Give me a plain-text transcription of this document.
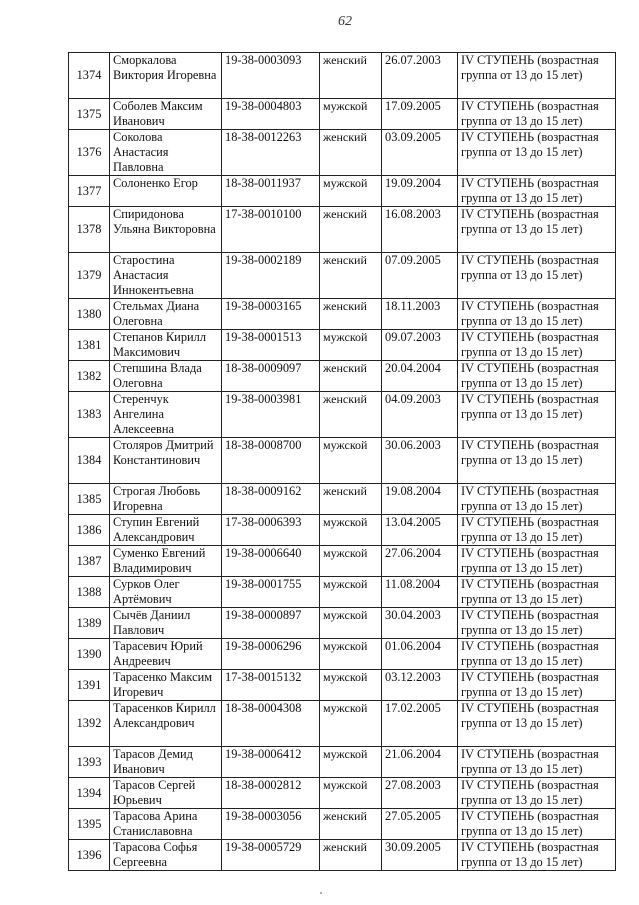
62
1374	Сморкалова Виктория Игоревна	19-38-0003093	женский	26.07.2003	IV СТУПЕНЬ (возрастная группа от 13 до 15 лет)
1375	Соболев Максим Иванович	19-38-0004803	мужской	17.09.2005	IV СТУПЕНЬ (возрастная группа от 13 до 15 лет)
1376	Соколова Анастасия Павловна	18-38-0012263	женский	03.09.2005	IV СТУПЕНЬ (возрастная группа от 13 до 15 лет)
1377	Солоненко Егор	18-38-0011937	мужской	19.09.2004	IV СТУПЕНЬ (возрастная группа от 13 до 15 лет)
1378	Спиридонова Ульяна Викторовна	17-38-0010100	женский	16.08.2003	IV СТУПЕНЬ (возрастная группа от 13 до 15 лет)
1379	Старостина Анастасия Иннокентьевна	19-38-0002189	женский	07.09.2005	IV СТУПЕНЬ (возрастная группа от 13 до 15 лет)
1380	Стельмах Диана Олеговна	19-38-0003165	женский	18.11.2003	IV СТУПЕНЬ (возрастная группа от 13 до 15 лет)
1381	Степанов Кирилл Максимович	19-38-0001513	мужской	09.07.2003	IV СТУПЕНЬ (возрастная группа от 13 до 15 лет)
1382	Степшина Влада Олеговна	18-38-0009097	женский	20.04.2004	IV СТУПЕНЬ (возрастная группа от 13 до 15 лет)
1383	Стеренчук Ангелина Алексеевна	19-38-0003981	женский	04.09.2003	IV СТУПЕНЬ (возрастная группа от 13 до 15 лет)
1384	Столяров Дмитрий Константинович	18-38-0008700	мужской	30.06.2003	IV СТУПЕНЬ (возрастная группа от 13 до 15 лет)
1385	Строгая Любовь Игоревна	18-38-0009162	женский	19.08.2004	IV СТУПЕНЬ (возрастная группа от 13 до 15 лет)
1386	Ступин Евгений Александрович	17-38-0006393	мужской	13.04.2005	IV СТУПЕНЬ (возрастная группа от 13 до 15 лет)
1387	Суменко Евгений Владимирович	19-38-0006640	мужской	27.06.2004	IV СТУПЕНЬ (возрастная группа от 13 до 15 лет)
1388	Сурков Олег Артёмович	19-38-0001755	мужской	11.08.2004	IV СТУПЕНЬ (возрастная группа от 13 до 15 лет)
1389	Сычёв Даниил Павлович	19-38-0000897	мужской	30.04.2003	IV СТУПЕНЬ (возрастная группа от 13 до 15 лет)
1390	Тарасевич Юрий Андреевич	19-38-0006296	мужской	01.06.2004	IV СТУПЕНЬ (возрастная группа от 13 до 15 лет)
1391	Тарасенко Максим Игоревич	17-38-0015132	мужской	03.12.2003	IV СТУПЕНЬ (возрастная группа от 13 до 15 лет)
1392	Тарасенков Кирилл Александрович	18-38-0004308	мужской	17.02.2005	IV СТУПЕНЬ (возрастная группа от 13 до 15 лет)
1393	Тарасов Демид Иванович	19-38-0006412	мужской	21.06.2004	IV СТУПЕНЬ (возрастная группа от 13 до 15 лет)
1394	Тарасов Сергей Юрьевич	18-38-0002812	мужской	27.08.2003	IV СТУПЕНЬ (возрастная группа от 13 до 15 лет)
1395	Тарасова Арина Станиславовна	19-38-0003056	женский	27.05.2005	IV СТУПЕНЬ (возрастная группа от 13 до 15 лет)
1396	Тарасова Софья Сергеевна	19-38-0005729	женский	30.09.2005	IV СТУПЕНЬ (возрастная группа от 13 до 15 лет)
